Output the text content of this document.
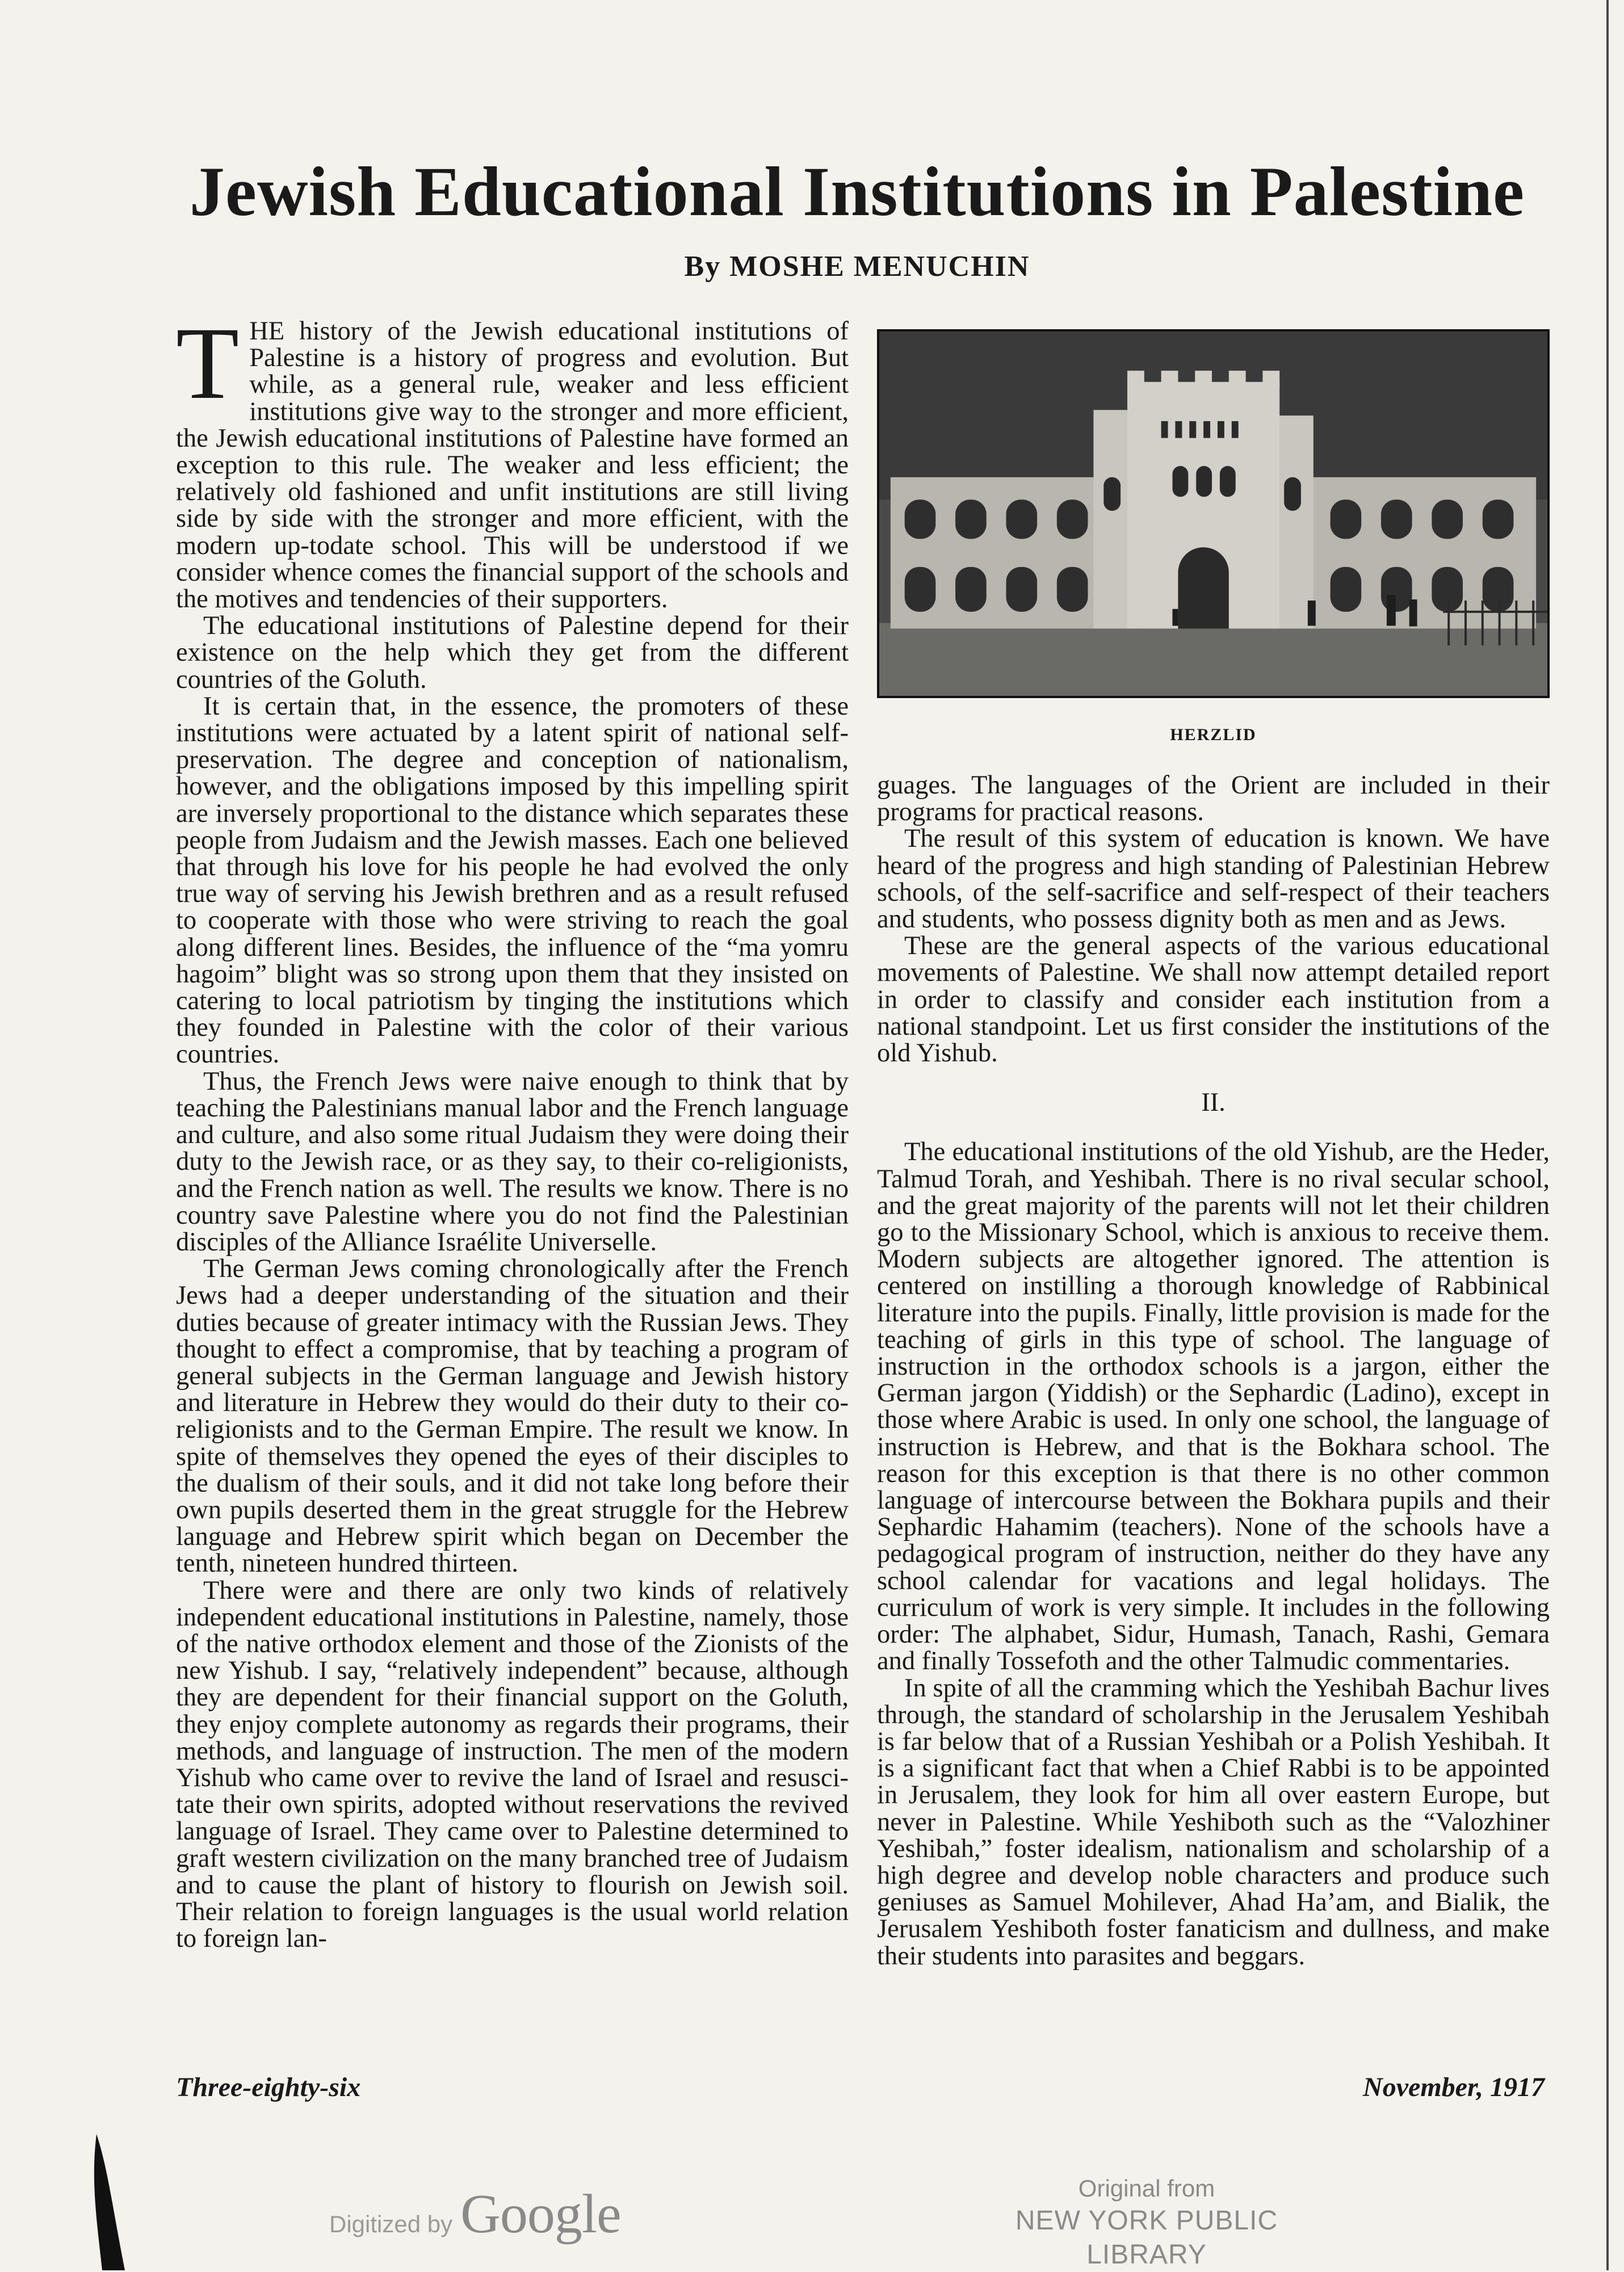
Jewish Educational Institutions in Palestine
By MOSHE MENUCHIN

THE history of the Jewish educational institutions of Palestine is a history of progress and evolution. But while, as a general rule, weaker and less efficient institutions give way to the stronger and more efficient, the Jewish educational institutions of Palestine have formed an exception to this rule. The weaker and less efficient; the relatively old fashioned and unfit institutions are still living side by side with the stronger and more efficient, with the modern up-todate school. This will be understood if we consider whence comes the financial support of the schools and the motives and tendencies of their supporters.

The educational institutions of Palestine depend for their existence on the help which they get from the different countries of the Goluth.

It is certain that, in the essence, the promoters of these institutions were actuated by a latent spirit of national self-preservation. The degree and conception of nationalism, however, and the obligations imposed by this impelling spirit are inversely proportional to the distance which separates these people from Judaism and the Jewish masses. Each one believed that through his love for his people he had evolved the only true way of serving his Jewish brethren and as a result refused to cooperate with those who were striving to reach the goal along different lines. Besides, the influence of the “ma yomru hagoim” blight was so strong upon them that they insisted on catering to local patriotism by tinging the institutions which they founded in Palestine with the color of their various countries.

Thus, the French Jews were naive enough to think that by teaching the Palestinians manual labor and the French language and culture, and also some ritual Judaism they were doing their duty to the Jewish race, or as they say, to their co-religionists, and the French nation as well. The results we know. There is no country save Palestine where you do not find the Palestinian disciples of the Alliance Israélite Universelle.

The German Jews coming chronologically after the French Jews had a deeper understanding of the situation and their duties because of greater intimacy with the Russian Jews. They thought to effect a compromise, that by teaching a program of general subjects in the German language and Jewish history and literature in Hebrew they would do their duty to their co-religionists and to the German Empire. The result we know. In spite of themselves they opened the eyes of their disciples to the dualism of their souls, and it did not take long before their own pupils deserted them in the great struggle for the Hebrew language and Hebrew spirit which began on December the tenth, nineteen hundred thirteen.

There were and there are only two kinds of relatively independent educational institutions in Palestine, namely, those of the native orthodox element and those of the Zionists of the new Yishub. I say, “relatively independent” because, although they are dependent for their financial support on the Goluth, they enjoy complete autonomy as regards their programs, their methods, and language of instruction. The men of the modern Yishub who came over to revive the land of Israel and resuscitate their own spirits, adopted without reservations the revived language of Israel. They came over to Palestine determined to graft western civilization on the many branched tree of Judaism and to cause the plant of history to flourish on Jewish soil. Their relation to foreign languages is the usual world relation to foreign lan-

HERZLID

guages. The languages of the Orient are included in their programs for practical reasons.

The result of this system of education is known. We have heard of the progress and high standing of Palestinian Hebrew schools, of the self-sacrifice and self-respect of their teachers and students, who possess dignity both as men and as Jews.

These are the general aspects of the various educational movements of Palestine. We shall now attempt detailed report in order to classify and consider each institution from a national standpoint. Let us first consider the institutions of the old Yishub.

II.

The educational institutions of the old Yishub, are the Heder, Talmud Torah, and Yeshibah. There is no rival secular school, and the great majority of the parents will not let their children go to the Missionary School, which is anxious to receive them. Modern subjects are altogether ignored. The attention is centered on instilling a thorough knowledge of Rabbinical literature into the pupils. Finally, little provision is made for the teaching of girls in this type of school. The language of instruction in the orthodox schools is a jargon, either the German jargon (Yiddish) or the Sephardic (Ladino), except in those where Arabic is used. In only one school, the language of instruction is Hebrew, and that is the Bokhara school. The reason for this exception is that there is no other common language of intercourse between the Bokhara pupils and their Sephardic Hahamim (teachers). None of the schools have a pedagogical program of instruction, neither do they have any school calendar for vacations and legal holidays. The curriculum of work is very simple. It includes in the following order: The alphabet, Sidur, Humash, Tanach, Rashi, Gemara and finally Tossefoth and the other Talmudic commentaries.

In spite of all the cramming which the Yeshibah Bachur lives through, the standard of scholarship in the Jerusalem Yeshibah is far below that of a Russian Yeshibah or a Polish Yeshibah. It is a significant fact that when a Chief Rabbi is to be appointed in Jerusalem, they look for him all over eastern Europe, but never in Palestine. While Yeshiboth such as the “Valozhiner Yeshibah,” foster idealism, nationalism and scholarship of a high degree and develop noble characters and produce such geniuses as Samuel Mohilever, Ahad Ha’am, and Bialik, the Jerusalem Yeshiboth foster fanaticism and dullness, and make their students into parasites and beggars.

Three-eighty-six	November, 1917
Digitized by Google	Original from
NEW YORK PUBLIC LIBRARY
